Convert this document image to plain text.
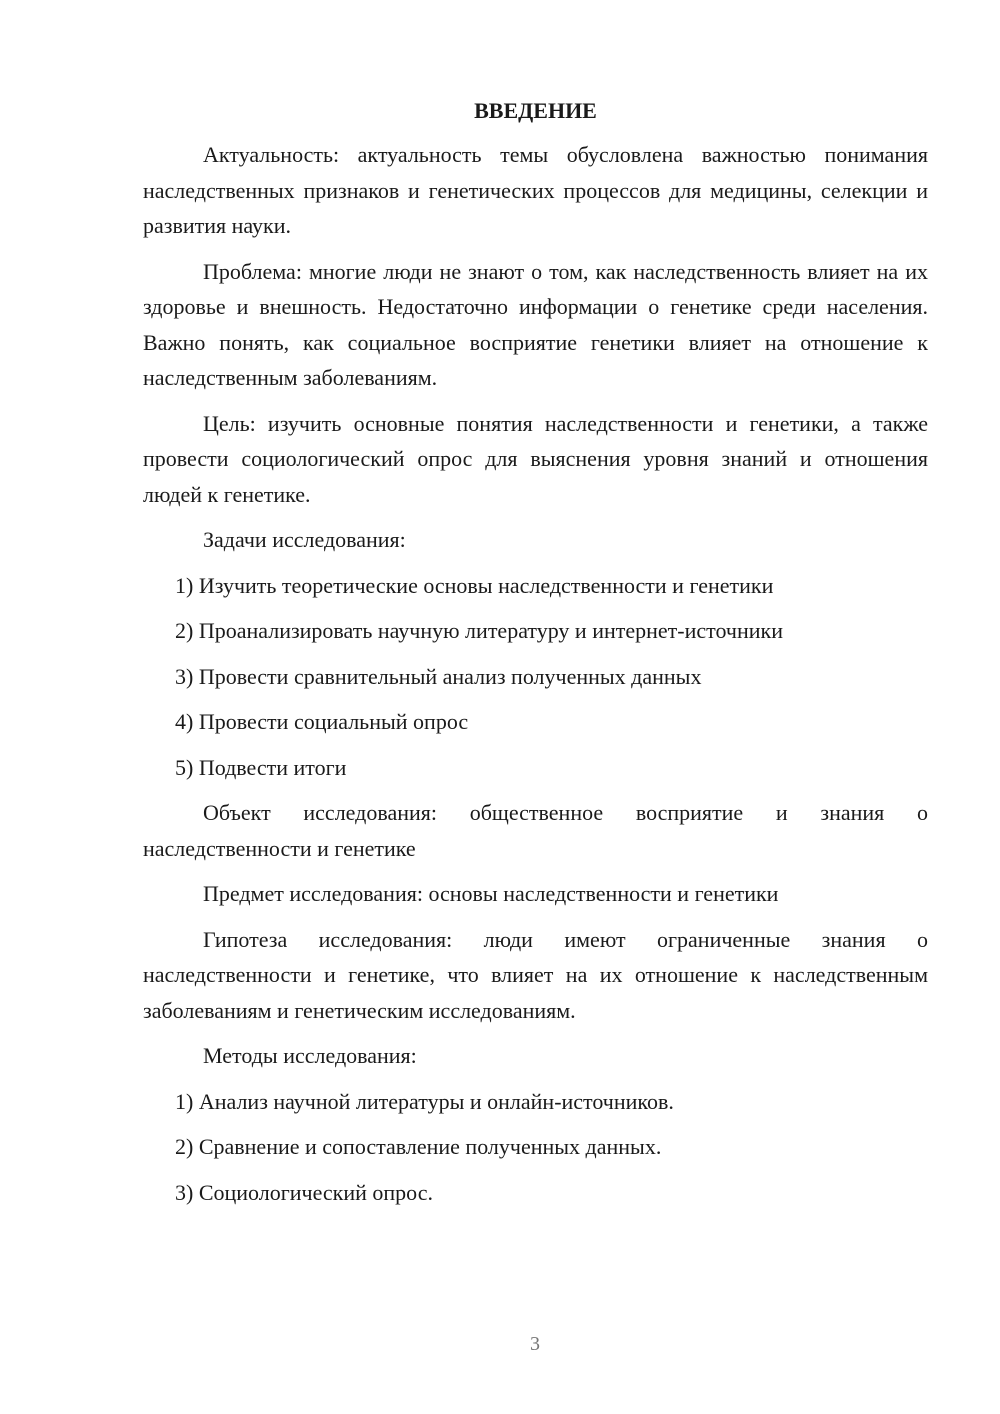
ВВЕДЕНИЕ

Актуальность: актуальность темы обусловлена важностью понимания наследственных признаков и генетических процессов для медицины, селекции и развития науки.

Проблема: многие люди не знают о том, как наследственность влияет на их здоровье и внешность. Недостаточно информации о генетике среди населения. Важно понять, как социальное восприятие генетики влияет на отношение к наследственным заболеваниям.

Цель: изучить основные понятия наследственности и генетики, а также провести социологический опрос для выяснения уровня знаний и отношения людей к генетике.

Задачи исследования:
1) Изучить теоретические основы наследственности и генетики
2) Проанализировать научную литературу и интернет-источники
3) Провести сравнительный анализ полученных данных
4) Провести социальный опрос
5) Подвести итоги

Объект исследования: общественное восприятие и знания о наследственности и генетике

Предмет исследования: основы наследственности и генетики

Гипотеза исследования: люди имеют ограниченные знания о наследственности и генетике, что влияет на их отношение к наследственным заболеваниям и генетическим исследованиям.

Методы исследования:
1) Анализ научной литературы и онлайн-источников.
2) Сравнение и сопоставление полученных данных.
3) Социологический опрос.
3
